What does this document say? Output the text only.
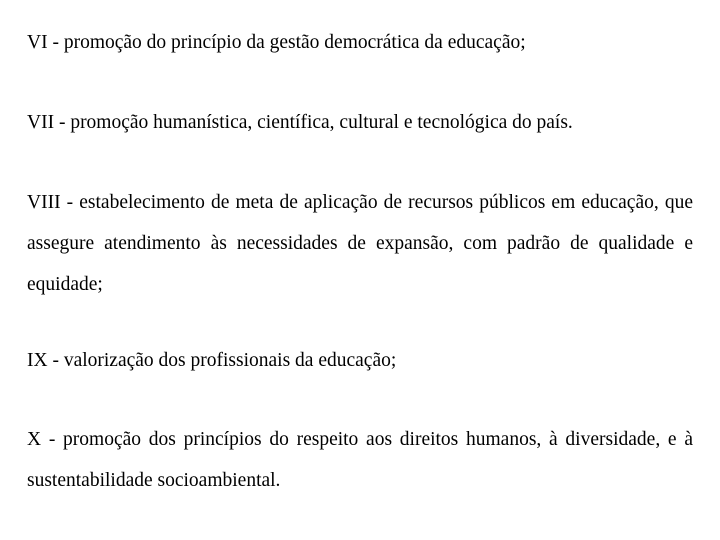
VI - promoção do princípio da gestão democrática da educação;

VII - promoção humanística, científica, cultural e tecnológica do país.

VIII - estabelecimento de meta de aplicação de recursos públicos em educação, que assegure atendimento às necessidades de expansão, com padrão de qualidade e equidade;

IX - valorização dos profissionais da educação;

X - promoção dos princípios do respeito aos direitos humanos, à diversidade, e à sustentabilidade socioambiental.
